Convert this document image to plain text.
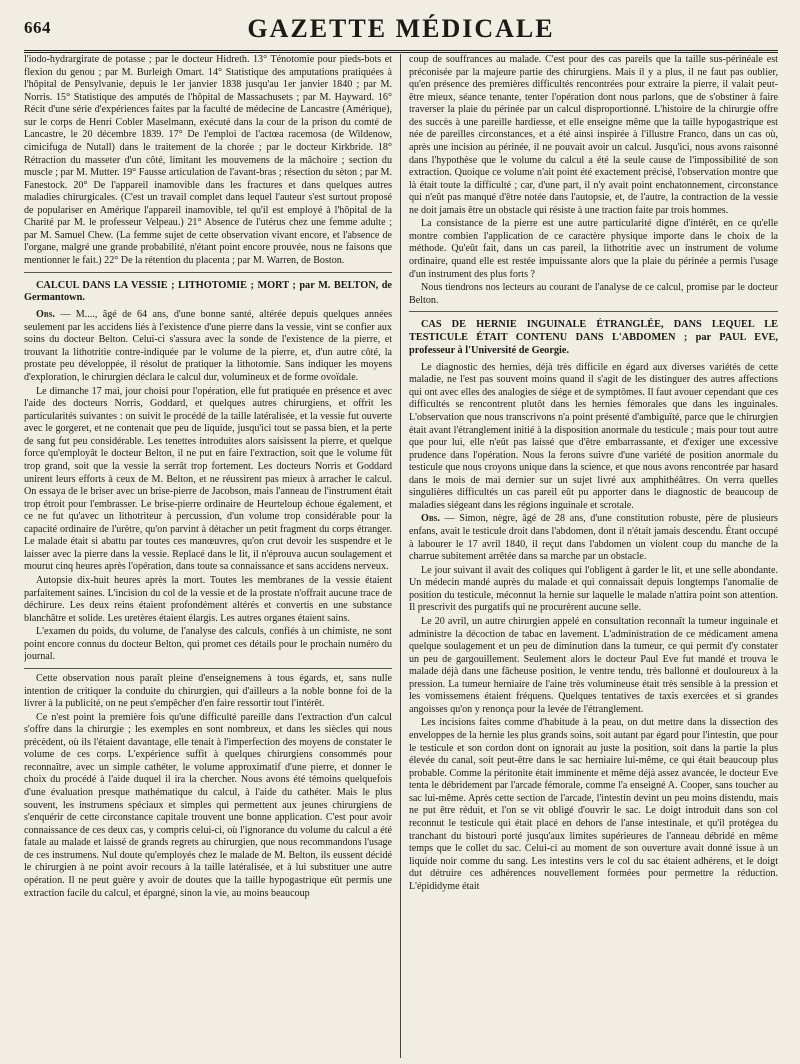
664	GAZETTE MÉDICALE

l'iodo-hydrargirate de potasse ; par le docteur Hidreth. 13° Ténotomie pour pieds-bots et flexion du genou ; par M. Burleigh Omart. 14° Statistique des amputations pratiquées à l'hôpital de Pensylvanie, depuis le 1er janvier 1838 jusqu'au 1er janvier 1840 ; par M. Norris. 15° Statistique des amputés de l'hôpital de Massachusets ; par M. Hayward. 16° Récit d'une série d'expériences faites par la faculté de médecine de Lancastre (Amérique), sur le corps de Henri Cobler Maselmann, exécuté dans la cour de la prison du comté de Lancastre, le 20 décembre 1839. 17° De l'emploi de l'actœa racemosa (de Wildenow, cimicifuga de Nutall) dans le traitement de la chorée ; par le docteur Kirkbride. 18° Rétraction du masseter d'un côté, limitant les mouvemens de la mâchoire ; section du muscle ; par M. Mutter. 19° Fausse articulation de l'avant-bras ; résection du sèton ; par M. Fanestock. 20° De l'appareil inamovible dans les fractures et dans quelques autres maladies chirurgicales. (C'est un travail complet dans lequel l'auteur s'est surtout proposé de populariser en Amérique l'appareil inamovible, tel qu'il est employé à l'hôpital de la Charité par M. le professeur Velpeau.) 21° Absence de l'utérus chez une femme adulte ; par M. Samuel Chew. (La femme sujet de cette observation vivant encore, et l'absence de l'organe, malgré une grande probabilité, n'étant point encore prouvée, nous ne faisons que mentionner le fait.) 22° De la rétention du placenta ; par M. Warren, de Boston.

CALCUL DANS LA VESSIE ; LITHOTOMIE ; MORT ; par M. BELTON, de Germantown.

Obs. — M...., âgé de 64 ans, d'une bonne santé, altérée depuis quelques années seulement par les accidens liés à l'existence d'une pierre dans la vessie, vint se confier aux soins du docteur Belton. Celui-ci s'assura avec la sonde de l'existence de la pierre, et trouvant la lithotritie contre-indiquée par le volume de la pierre, et, d'un autre côté, la prostate peu développée, il résolut de pratiquer la lithotomie. Sans indiquer les moyens d'exploration, le chirurgien déclara le calcul dur, volumineux et de forme ovoïdale.

Le dimanche 17 mai, jour choisi pour l'opération, elle fut pratiquée en présence et avec l'aide des docteurs Norris, Goddard, et quelques autres chirurgiens, et offrit les particularités suivantes : on suivit le procédé de la taille latéralisée, et la vessie fut ouverte avec le gorgeret, et ne contenait que peu de liquide, jusqu'ici tout se passa bien, et la perte de sang fut peu considérable. Les tenettes introduites alors saisissent la pierre, et quelque force qu'employât le docteur Belton, il ne put en faire l'extraction, soit que le volume fût trop grand, soit que la vessie la serrât trop fortement. Les docteurs Norris et Goddard unirent leurs efforts à ceux de M. Belton, et ne réussirent pas mieux à arracher le calcul. On essaya de le briser avec un brise-pierre de Jacobson, mais l'anneau de l'instrument était trop étroit pour l'embrasser. Le brise-pierre ordinaire de Heurteloup échoue également, et ce ne fut qu'avec un lithotriteur à percussion, d'un volume trop considérable pour la capacité ordinaire de l'urètre, qu'on parvint à détacher un petit fragment du corps étranger. Le malade était si abattu par toutes ces manœuvres, qu'on crut devoir les suspendre et le laisser avec la pierre dans la vessie. Replacé dans le lit, il n'éprouva aucun soulagement et mourut cinq heures après l'opération, dans toute sa connaissance et sans accidens nerveux.

Autopsie dix-huit heures après la mort. Toutes les membranes de la vessie étaient parfaitement saines. L'incision du col de la vessie et de la prostate n'offrait aucune trace de déchirure. Les deux reins étaient profondément altérés et convertis en une substance blanchâtre et solide. Les uretères étaient élargis. Les autres organes étaient sains.

L'examen du poids, du volume, de l'analyse des calculs, confiés à un chimiste, ne sont point encore connus du docteur Belton, qui promet ces détails pour le prochain numéro du journal.

Cette observation nous paraît pleine d'enseignemens à tous égards, et, sans nulle intention de critiquer la conduite du chirurgien, qui d'ailleurs a la noble bonne foi de la livrer à la publicité, on ne peut s'empêcher d'en faire ressortir tout l'intérêt.

Ce n'est point la première fois qu'une difficulté pareille dans l'extraction d'un calcul s'offre dans la chirurgie ; les exemples en sont nombreux, et dans les siècles qui nous précèdent, où ils l'étaient davantage, elle tenait à l'imperfection des moyens de constater le volume de ces corps. L'expérience suffit à quelques chirurgiens consommés pour reconnaître, avec un simple cathéter, le volume approximatif d'une pierre, et donner le choix du procédé à l'aide duquel il ira la chercher. Nous avons été témoins quelquefois d'une évaluation presque mathématique du calcul, à l'aide du cathéter. Mais le plus souvent, les instrumens spéciaux et simples qui permettent aux jeunes chirurgiens de s'enquérir de cette circonstance capitale trouvent une bonne application. C'est pour avoir connaissance de ces deux cas, y compris celui-ci, où l'ignorance du volume du calcul a été fatale au malade et laissé de grands regrets au chirurgien, que nous recommandons l'usage de ces instrumens. Nul doute qu'employés chez le malade de M. Belton, ils eussent décidé le chirurgien à ne point avoir recours à la taille latéralisée, et à lui substituer une autre opération. Il ne peut guère y avoir de doutes que la taille hypogastrique eût permis une extraction facile du calcul, et épargné, sinon la vie, au moins beaucoup

coup de souffrances au malade. C'est pour des cas pareils que la taille sus-périnéale est préconisée par la majeure partie des chirurgiens. Mais il y a plus, il ne faut pas oublier, qu'en présence des premières difficultés rencontrées pour extraire la pierre, il valait peut-être mieux, séance tenante, tenter l'opération dont nous parlons, que de s'obstiner à faire traverser la plaie du périnée par un calcul disproportionné. L'histoire de la chirurgie offre des succès à une pareille hardiesse, et elle enseigne même que la taille hypogastrique est née de pareilles circonstances, et a été ainsi inspirée à l'illustre Franco, dans un cas où, après une incision au périnée, il ne pouvait avoir un calcul. Jusqu'ici, nous avons raisonné dans l'hypothèse que le volume du calcul a été la seule cause de l'impossibilité de son extraction. Quoique ce volume n'ait point été exactement précisé, l'observation montre que là était toute la difficulté ; car, d'une part, il n'y avait point enchatonnement, circonstance qui n'eût pas manqué d'être notée dans l'autopsie, et, de l'autre, la contraction de la vessie ne doit jamais être un obstacle qui résiste à une traction faite par trois hommes.

La consistance de la pierre est une autre particularité digne d'intérêt, en ce qu'elle montre combien l'application de ce caractère physique importe dans le choix de la méthode. Qu'eût fait, dans un cas pareil, la lithotritie avec un instrument de volume ordinaire, quand elle est restée impuissante alors que la plaie du périnée a permis l'usage d'un instrument des plus forts ?

Nous tiendrons nos lecteurs au courant de l'analyse de ce calcul, promise par le docteur Belton.

CAS DE HERNIE INGUINALE ÉTRANGLÉE, DANS LEQUEL LE TESTICULE ÉTAIT CONTENU DANS L'ABDOMEN ; par PAUL EVE, professeur à l'Université de Georgie.

Le diagnostic des hernies, déjà très difficile en égard aux diverses variétés de cette maladie, ne l'est pas souvent moins quand il s'agit de les distinguer des autres affections qui ont avec elles des analogies de siége et de symptômes. Il faut avouer cependant que ces difficultés se rencontrent plutôt dans les hernies fémorales que dans les inguinales. L'observation que nous transcrivons n'a point présenté d'ambiguïté, parce que le chirurgien était avant l'étranglement initié à la disposition anormale du testicule ; mais pour tout autre que pour lui, elle n'eût pas laissé que d'être embarrassante, et d'exiger une excessive prudence dans l'opération. Nous la ferons suivre d'une variété de position anormale du testicule que nous croyons unique dans la science, et que nous avons rencontrée par hasard dans le mois de mai dernier sur un sujet livré aux amphithéâtres. On verra quelles singulières difficultés un cas pareil eût pu apporter dans le diagnostic de beaucoup de maladies siégeant dans les régions inguinale et scrotale.

Obs. — Simon, nègre, âgé de 28 ans, d'une constitution robuste, père de plusieurs enfans, avait le testicule droit dans l'abdomen, dont il n'était jamais descendu. Étant occupé à labourer le 17 avril 1840, il reçut dans l'abdomen un violent coup du manche de la charrue subitement arrêtée dans sa marche par un obstacle.

Le jour suivant il avait des coliques qui l'obligent à garder le lit, et une selle abondante. Un médecin mandé auprès du malade et qui connaissait depuis longtemps l'anomalie de position du testicule, méconnut la hernie sur laquelle le malade n'attira point son attention. Il prescrivit des purgatifs qui ne procurèrent aucune selle.

Le 20 avril, un autre chirurgien appelé en consultation reconnaît la tumeur inguinale et administre la décoction de tabac en lavement. L'administration de ce médicament amena quelque soulagement et un peu de diminution dans la tumeur, ce qui permit d'y constater un peu de gargouillement. Seulement alors le docteur Paul Eve fut mandé et trouva le malade déjà dans une fâcheuse position, le ventre tendu, très ballonné et douloureux à la pression. La tumeur herniaire de l'aine très volumineuse était très sensible à la pression et les vomissemens étaient fréquens. Quelques tentatives de taxis exercées et si grandes angoisses qu'on y renonça pour la levée de l'étranglement.

Les incisions faites comme d'habitude à la peau, on dut mettre dans la dissection des enveloppes de la hernie les plus grands soins, soit autant par égard pour l'intestin, que pour le testicule et son cordon dont on ignorait au juste la position, soit dans la partie la plus élevée du canal, soit peut-être dans le sac herniaire lui-même, ce qui était beaucoup plus probable. Comme la péritonite était imminente et même déjà assez avancée, le docteur Eve tenta le débridement par l'arcade fémorale, comme l'a enseigné A. Cooper, sans toucher au sac lui-même. Après cette section de l'arcade, l'intestin devint un peu moins distendu, mais ne put être réduit, et l'on se vit obligé d'ouvrir le sac. Le doigt introduit dans son col reconnut le testicule qui était placé en dehors de l'anse intestinale, et qu'il protégea du tranchant du bistouri porté jusqu'aux limites supérieures de l'anneau débridé en même temps que le collet du sac. Celui-ci au moment de son ouverture avait donné issue à un liquide noir comme du sang. Les intestins vers le col du sac étaient adhérens, et le doigt dut détruire ces adhérences nouvellement formées pour permettre la réduction. L'épididyme était
